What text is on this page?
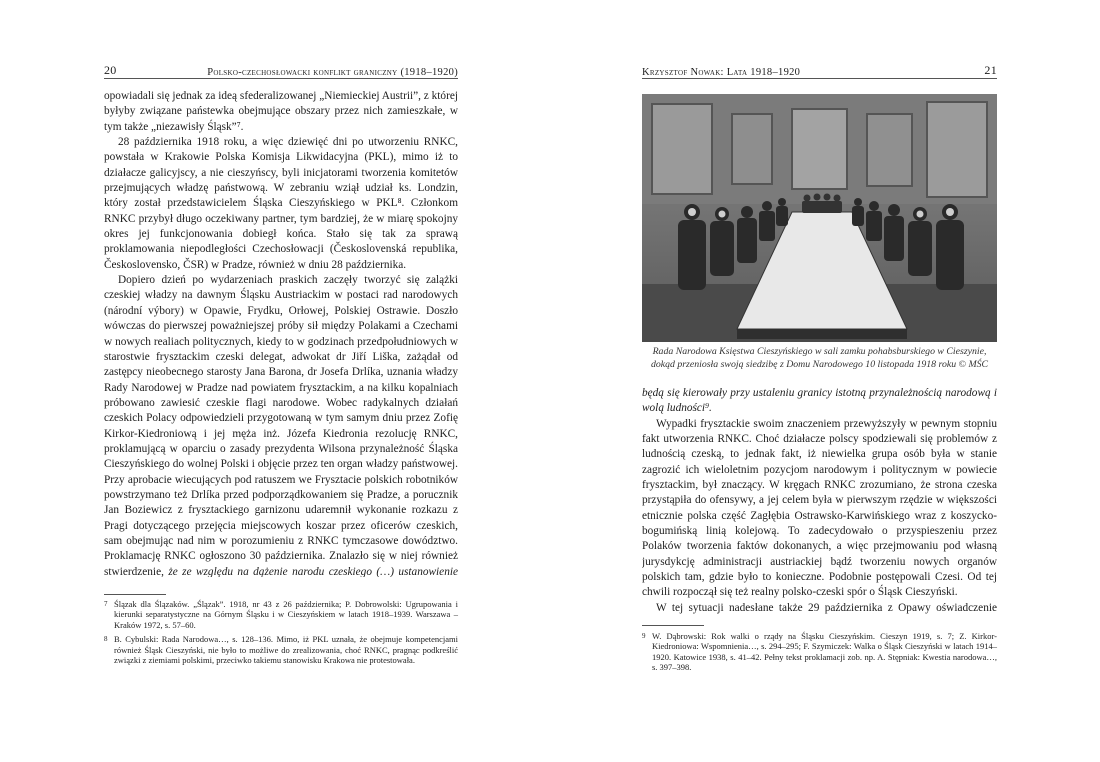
20	Polsko-czechosłowacki konflikt graniczny (1918–1920)

opowiadali się jednak za ideą sfederalizowanej „Niemieckiej Austrii”, z której byłyby związane państewka obejmujące obszary przez nich zamieszkałe, w tym także „niezawisły Śląsk”⁷.

28 października 1918 roku, a więc dziewięć dni po utworzeniu RNKC, powstała w Krakowie Polska Komisja Likwidacyjna (PKL), mimo iż to działacze galicyjscy, a nie cieszyńscy, byli inicjatorami tworzenia komitetów przejmujących władzę państwową. W zebraniu wziął udział ks. Londzin, który został przedstawicielem Śląska Cieszyńskiego w PKL⁸. Członkom RNKC przybył długo oczekiwany partner, tym bardziej, że w miarę spokojny okres jej funkcjonowania dobiegł końca. Stało się tak za sprawą proklamowania niepodległości Czechosłowacji (Československá republika, Československo, ČSR) w Pradze, również w dniu 28 października.

Dopiero dzień po wydarzeniach praskich zaczęły tworzyć się zalążki czeskiej władzy na dawnym Śląsku Austriackim w postaci rad narodowych (národní výbory) w Opawie, Frydku, Orłowej, Polskiej Ostrawie. Doszło wówczas do pierwszej poważniejszej próby sił między Polakami a Czechami w nowych realiach politycznych, kiedy to w godzinach przedpołudniowych w starostwie frysztackim czeski delegat, adwokat dr Jiří Liška, zażądał od zastępcy nieobecnego starosty Jana Barona, dr Josefa Drlíka, uznania władzy Rady Narodowej w Pradze nad powiatem frysztackim, a na kilku kopalniach próbowano zawiesić czeskie flagi narodowe. Wobec radykalnych działań czeskich Polacy odpowiedzieli przygotowaną w tym samym dniu przez Zofię Kirkor-Kiedroniową i jej męża inż. Józefa Kiedronia rezolucję RNKC, proklamującą w oparciu o zasady prezydenta Wilsona przynależność Śląska Cieszyńskiego do wolnej Polski i objęcie przez ten organ władzy państwowej. Przy aprobacie wiecujących pod ratuszem we Frysztacie polskich robotników powstrzymano też Drlíka przed podporządkowaniem się Pradze, a porucznik Jan Boziewicz z frysztackiego garnizonu udaremnił wykonanie rozkazu z Pragi dotyczącego przejęcia miejscowych koszar przez oficerów czeskich, sam obejmując nad nim w porozumieniu z RNKC tymczasowe dowództwo. Proklamację RNKC ogłoszono 30 października. Znalazło się w niej również stwierdzenie, że ze względu na dążenie narodu czeskiego (…) ustanowienie

7 Ślązak dla Ślązaków. „Ślązak”. 1918, nr 43 z 26 października; P. Dobrowolski: Ugrupowania i kierunki separatystyczne na Górnym Śląsku i w Cieszyńskiem w latach 1918–1939. Warszawa – Kraków 1972, s. 57–60.
8 B. Cybulski: Rada Narodowa…, s. 128–136. Mimo, iż PKL uznała, że obejmuje kompetencjami również Śląsk Cieszyński, nie było to możliwe do zrealizowania, choć RNKC, pragnąc podkreślić związki z ziemiami polskimi, przeciwko takiemu stanowisku Krakowa nie protestowała.
Krzysztof Nowak: Lata 1918–1920	21
Rada Narodowa Księstwa Cieszyńskiego w sali zamku pohabsburskiego w Cieszynie, dokąd przeniosła swoją siedzibę z Domu Narodowego 10 listopada 1918 roku © MŚC

będą się kierowały przy ustaleniu granicy istotną przynależnością narodową i wolą ludności⁹.

Wypadki frysztackie swoim znaczeniem przewyższyły w pewnym stopniu fakt utworzenia RNKC. Choć działacze polscy spodziewali się problemów z ludnością czeską, to jednak fakt, iż niewielka grupa osób była w stanie zagrozić ich wieloletnim pozycjom narodowym i politycznym w powiecie frysztackim, był znaczący. W kręgach RNKC zrozumiano, że strona czeska przystąpiła do ofensywy, a jej celem była w pierwszym rzędzie w większości etnicznie polska część Zagłębia Ostrawsko-Karwińskiego wraz z koszycko-bogumińską linią kolejową. To zadecydowało o przyspieszeniu przez Polaków tworzenia faktów dokonanych, a więc przejmowaniu pod własną jurysdykcję administracji austriackiej bądź tworzeniu nowych organów polskich tam, gdzie było to konieczne. Podobnie postępowali Czesi. Od tej chwili rozpoczął się też realny polsko-czeski spór o Śląsk Cieszyński.

W tej sytuacji nadesłane także 29 października z Opawy oświadczenie

9 W. Dąbrowski: Rok walki o rządy na Śląsku Cieszyńskim. Cieszyn 1919, s. 7; Z. Kirkor-Kiedroniowa: Wspomnienia…, s. 294–295; F. Szymiczek: Walka o Śląsk Cieszyński w latach 1914–1920. Katowice 1938, s. 41–42. Pełny tekst proklamacji zob. np. A. Stępniak: Kwestia narodowa…, s. 397–398.
